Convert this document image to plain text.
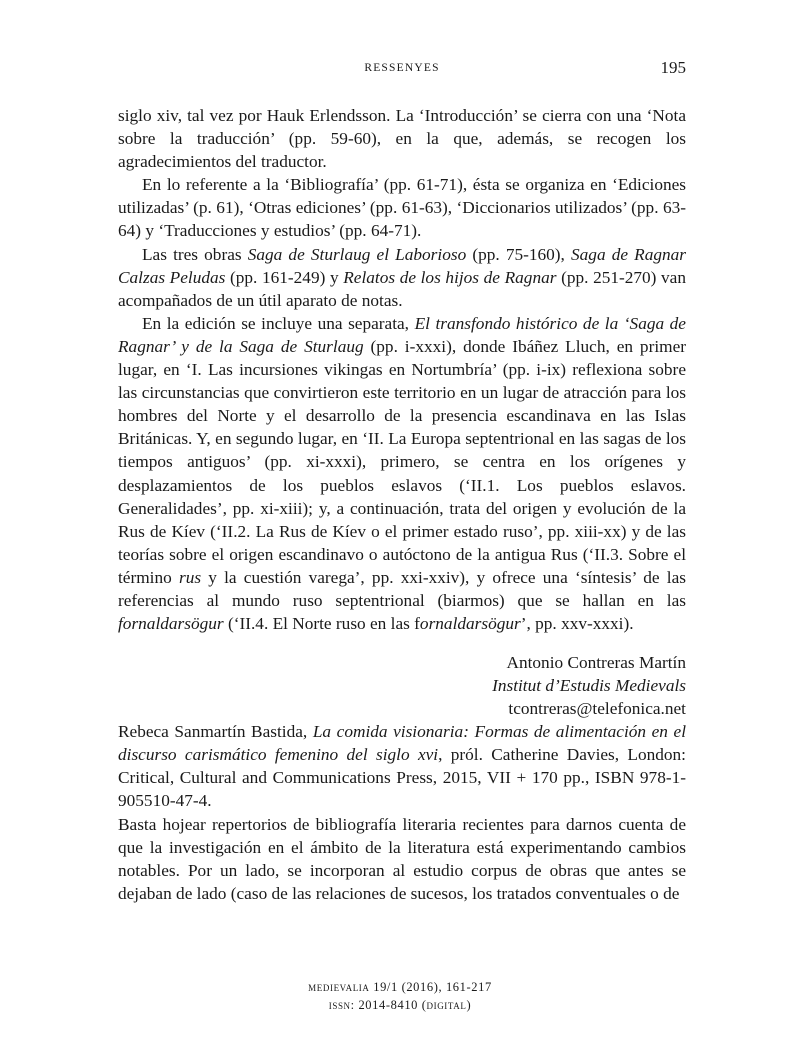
RESSENYES	195

siglo xiv, tal vez por Hauk Erlendsson. La ‘Introducción’ se cierra con una ‘Nota sobre la traducción’ (pp. 59-60), en la que, además, se recogen los agradecimientos del traductor.

En lo referente a la ‘Bibliografía’ (pp. 61-71), ésta se organiza en ‘Ediciones utilizadas’ (p. 61), ‘Otras ediciones’ (pp. 61-63), ‘Diccionarios utilizados’ (pp. 63-64) y ‘Traducciones y estudios’ (pp. 64-71).

Las tres obras Saga de Sturlaug el Laborioso (pp. 75-160), Saga de Ragnar Calzas Peludas (pp. 161-249) y Relatos de los hijos de Ragnar (pp. 251-270) van acompañados de un útil aparato de notas.

En la edición se incluye una separata, El transfondo histórico de la ‘Saga de Ragnar’ y de la Saga de Sturlaug (pp. i-xxxi), donde Ibáñez Lluch, en primer lugar, en ‘I. Las incursiones vikingas en Nortumbría’ (pp. i-ix) reflexiona sobre las circunstancias que convirtieron este territorio en un lugar de atracción para los hombres del Norte y el desarrollo de la presencia escandinava en las Islas Británicas. Y, en segundo lugar, en ‘II. La Europa septentrional en las sagas de los tiempos antiguos’ (pp. xi-xxxi), primero, se centra en los orígenes y desplazamientos de los pueblos eslavos (‘II.1. Los pueblos eslavos. Generalidades’, pp. xi-xiii); y, a continuación, trata del origen y evolución de la Rus de Kíev (‘II.2. La Rus de Kíev o el primer estado ruso’, pp. xiii-xx) y de las teorías sobre el origen escandinavo o autóctono de la antigua Rus (‘II.3. Sobre el término rus y la cuestión varega’, pp. xxi-xxiv), y ofrece una ‘síntesis’ de las referencias al mundo ruso septentrional (biarmos) que se hallan en las fornaldarsögur (‘II.4. El Norte ruso en las fornaldarsögur’, pp. xxv-xxxi).

Antonio Contreras Martín
Institut d’Estudis Medievals
tcontreras@telefonica.net

Rebeca Sanmartín Bastida, La comida visionaria: Formas de alimentación en el discurso carismático femenino del siglo xvi, pról. Catherine Davies, London: Critical, Cultural and Communications Press, 2015, VII + 170 pp., ISBN 978-1-905510-47-4.

Basta hojear repertorios de bibliografía literaria recientes para darnos cuenta de que la investigación en el ámbito de la literatura está experimentando cambios notables. Por un lado, se incorporan al estudio corpus de obras que antes se dejaban de lado (caso de las relaciones de sucesos, los tratados conventuales o de

medievalia 19/1 (2016), 161-217
issn: 2014-8410 (digital)
